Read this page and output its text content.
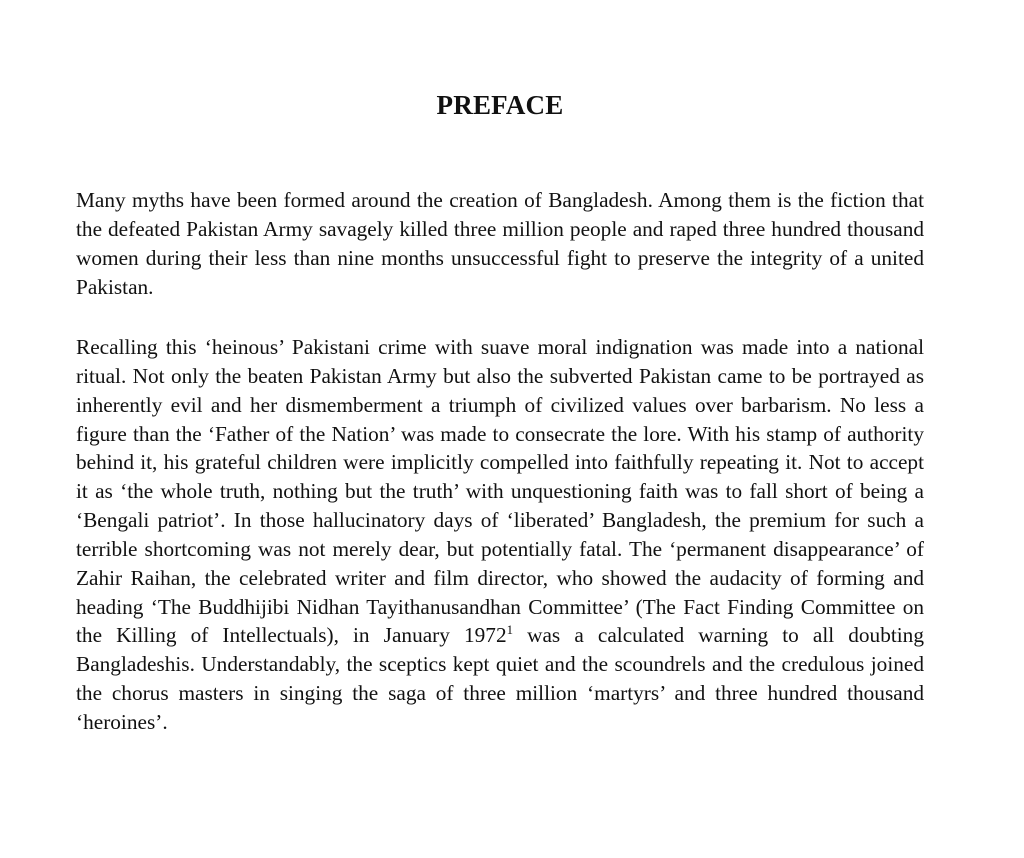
PREFACE

Many myths have been formed around the creation of Bangladesh. Among them is the fiction that the defeated Pakistan Army savagely killed three million people and raped three hundred thousand women during their less than nine months unsuccessful fight to preserve the integrity of a united Pakistan.

Recalling this ‘heinous’ Pakistani crime with suave moral indignation was made into a national ritual. Not only the beaten Pakistan Army but also the subverted Pakistan came to be portrayed as inherently evil and her dismemberment a triumph of civilized values over barbarism. No less a figure than the ‘Father of the Nation’ was made to consecrate the lore. With his stamp of authority behind it, his grateful children were implicitly compelled into faithfully repeating it. Not to accept it as ‘the whole truth, nothing but the truth’ with unquestioning faith was to fall short of being a ‘Bengali patriot’. In those hallucinatory days of ‘liberated’ Bangladesh, the premium for such a terrible shortcoming was not merely dear, but potentially fatal. The ‘permanent disappearance’ of Zahir Raihan, the celebrated writer and film director, who showed the audacity of forming and heading ‘The Buddhijibi Nidhan Tayithanusandhan Committee’ (The Fact Finding Committee on the Killing of Intellectuals), in January 1972$^1$ was a calculated warning to all doubting Bangladeshis. Understandably, the sceptics kept quiet and the scoundrels and the credulous joined the chorus masters in singing the saga of three million ‘martyrs’ and three hundred thousand ‘heroines’.
